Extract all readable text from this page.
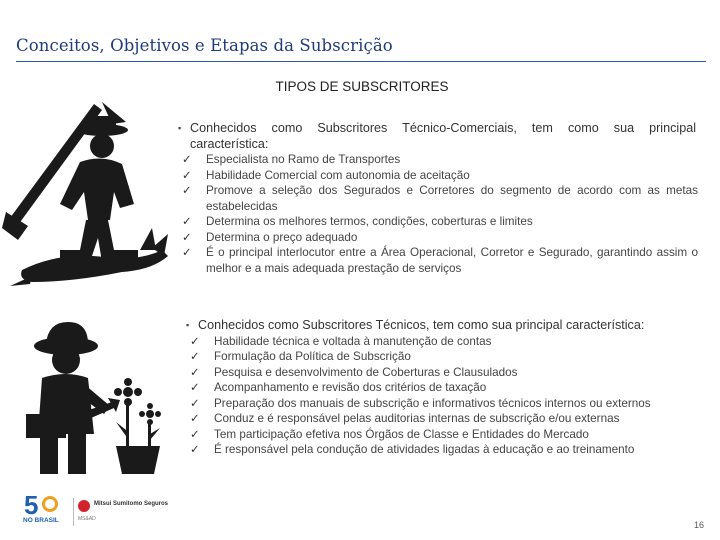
Conceitos, Objetivos e Etapas da Subscrição
TIPOS DE SUBSCRITORES
▪ Conhecidos como Subscritores Técnico-Comerciais, tem como sua principal característica:
✓	Especialista no Ramo de Transportes
✓	Habilidade Comercial com autonomia de aceitação
✓	Promove a seleção dos Segurados e Corretores do segmento de acordo com as metas estabelecidas
✓	Determina os melhores termos, condições, coberturas e limites
✓	Determina o preço adequado
✓	É o principal interlocutor entre a Área Operacional, Corretor e Segurado, garantindo assim o melhor e a mais adequada prestação de serviços
▪ Conhecidos como Subscritores Técnicos, tem como sua principal característica:
✓	Habilidade técnica e voltada à manutenção de contas
✓	Formulação da Política de Subscrição
✓	Pesquisa e desenvolvimento de Coberturas e Clausulados
✓	Acompanhamento e revisão dos critérios de taxação
✓	Preparação dos manuais de subscrição e informativos técnicos internos ou externos
✓	Conduz e é responsável pelas auditorias internas de subscrição e/ou externas
✓	Tem participação efetiva nos Órgãos de Classe e Entidades do Mercado
✓	É responsável pela condução de atividades ligadas à educação e ao treinamento
5
NO BRASIL
Mitsui Sumitomo Seguros
MS&AD
16
